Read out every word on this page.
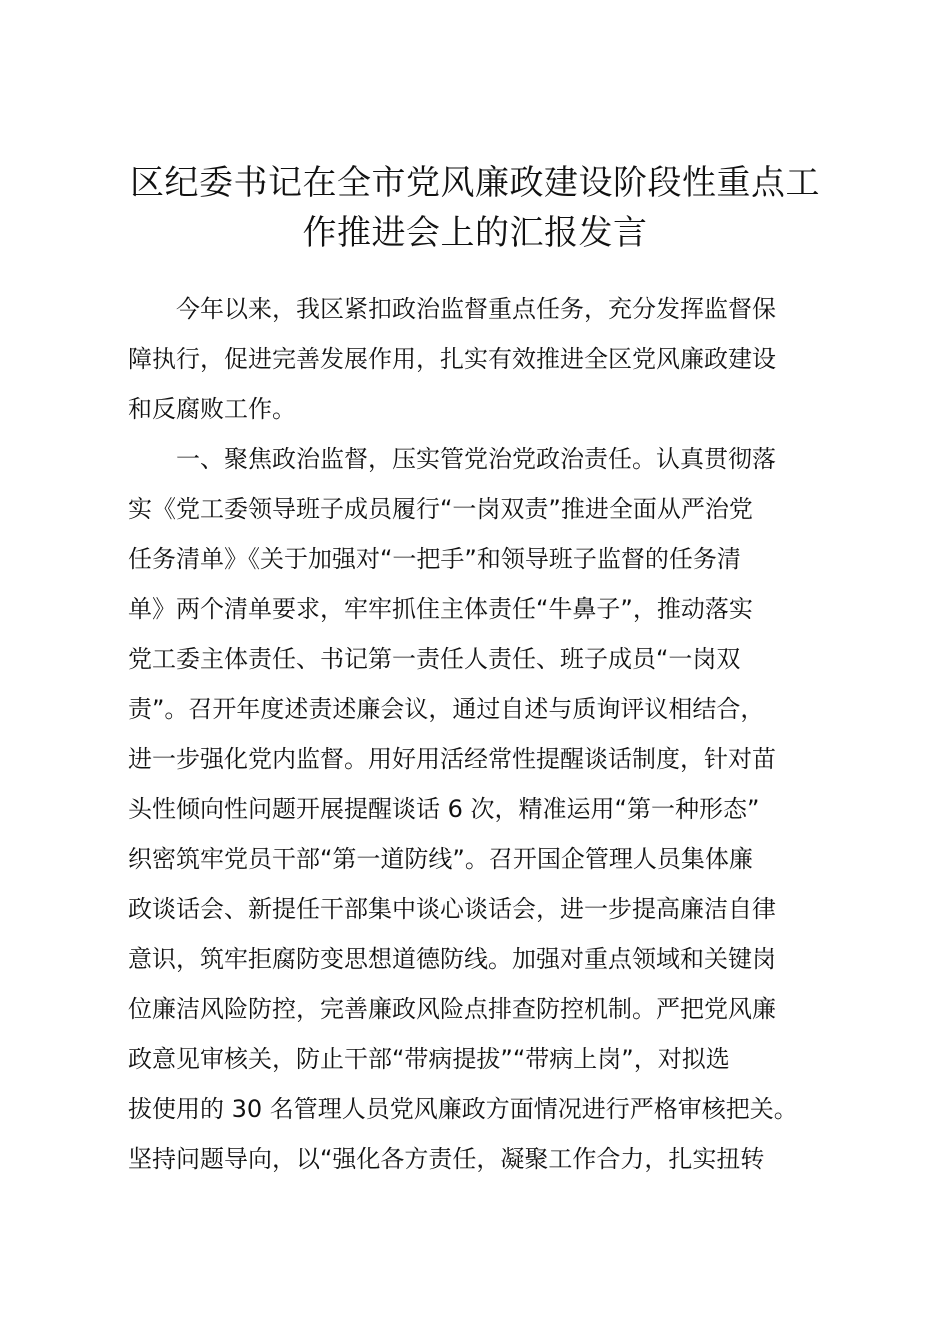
区纪委书记在全市党风廉政建设阶段性重点工
作推进会上的汇报发言
今年以来，我区紧扣政治监督重点任务，充分发挥监督保
障执行，促进完善发展作用，扎实有效推进全区党风廉政建设
和反腐败工作。
一、聚焦政治监督，压实管党治党政治责任。认真贯彻落
实《党工委领导班子成员履行“一岗双责”推进全面从严治党
任务清单》《关于加强对“一把手”和领导班子监督的任务清
单》两个清单要求，牢牢抓住主体责任“牛鼻子”，推动落实
党工委主体责任、书记第一责任人责任、班子成员“一岗双
责”。召开年度述责述廉会议，通过自述与质询评议相结合，
进一步强化党内监督。用好用活经常性提醒谈话制度，针对苗
头性倾向性问题开展提醒谈话 6 次，精准运用“第一种形态”
织密筑牢党员干部“第一道防线”。召开国企管理人员集体廉
政谈话会、新提任干部集中谈心谈话会，进一步提高廉洁自律
意识，筑牢拒腐防变思想道德防线。加强对重点领域和关键岗
位廉洁风险防控，完善廉政风险点排查防控机制。严把党风廉
政意见审核关，防止干部“带病提拔”“带病上岗”，对拟选
拔使用的 30 名管理人员党风廉政方面情况进行严格审核把关。
坚持问题导向，以“强化各方责任，凝聚工作合力，扎实扭转
